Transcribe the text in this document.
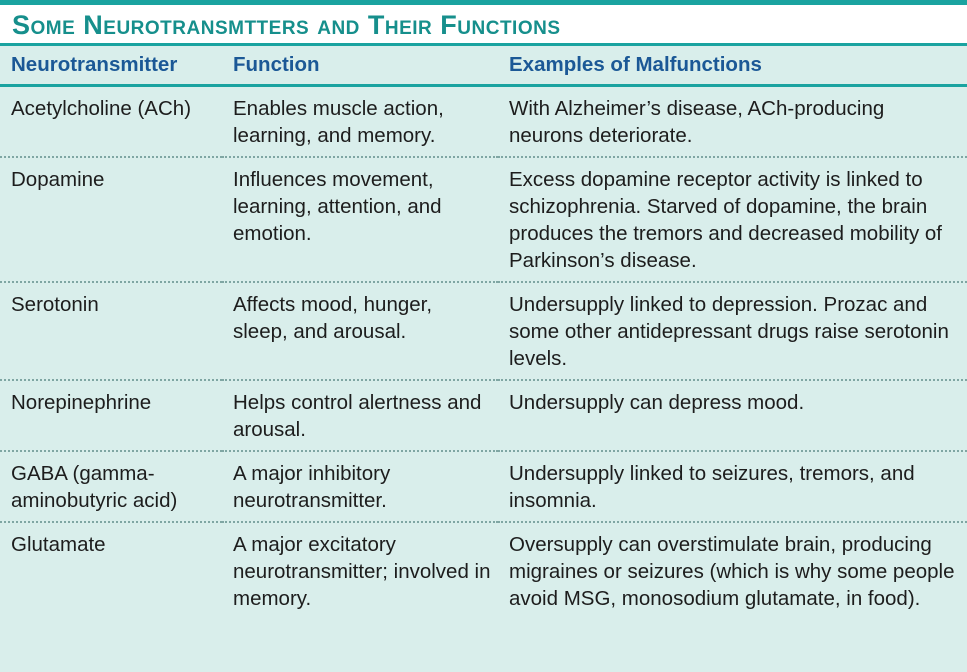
Some Neurotransmtters and Their Functions
Neurotransmitter	Function	Examples of Malfunctions
Acetylcholine (ACh)	Enables muscle action, learning, and memory.	With Alzheimer’s disease, ACh-producing neurons deteriorate.
Dopamine	Influences movement, learning, attention, and emotion.	Excess dopamine receptor activity is linked to schizophrenia. Starved of dopamine, the brain produces the tremors and decreased mobility of Parkinson’s disease.
Serotonin	Affects mood, hunger, sleep, and arousal.	Undersupply linked to depression. Prozac and some other antidepressant drugs raise serotonin levels.
Norepinephrine	Helps control alertness and arousal.	Undersupply can depress mood.
GABA (gamma-aminobutyric acid)	A major inhibitory neurotransmitter.	Undersupply linked to seizures, tremors, and insomnia.
Glutamate	A major excitatory neurotransmitter; involved in memory.	Oversupply can overstimulate brain, producing migraines or seizures (which is why some people avoid MSG, monosodium glutamate, in food).
